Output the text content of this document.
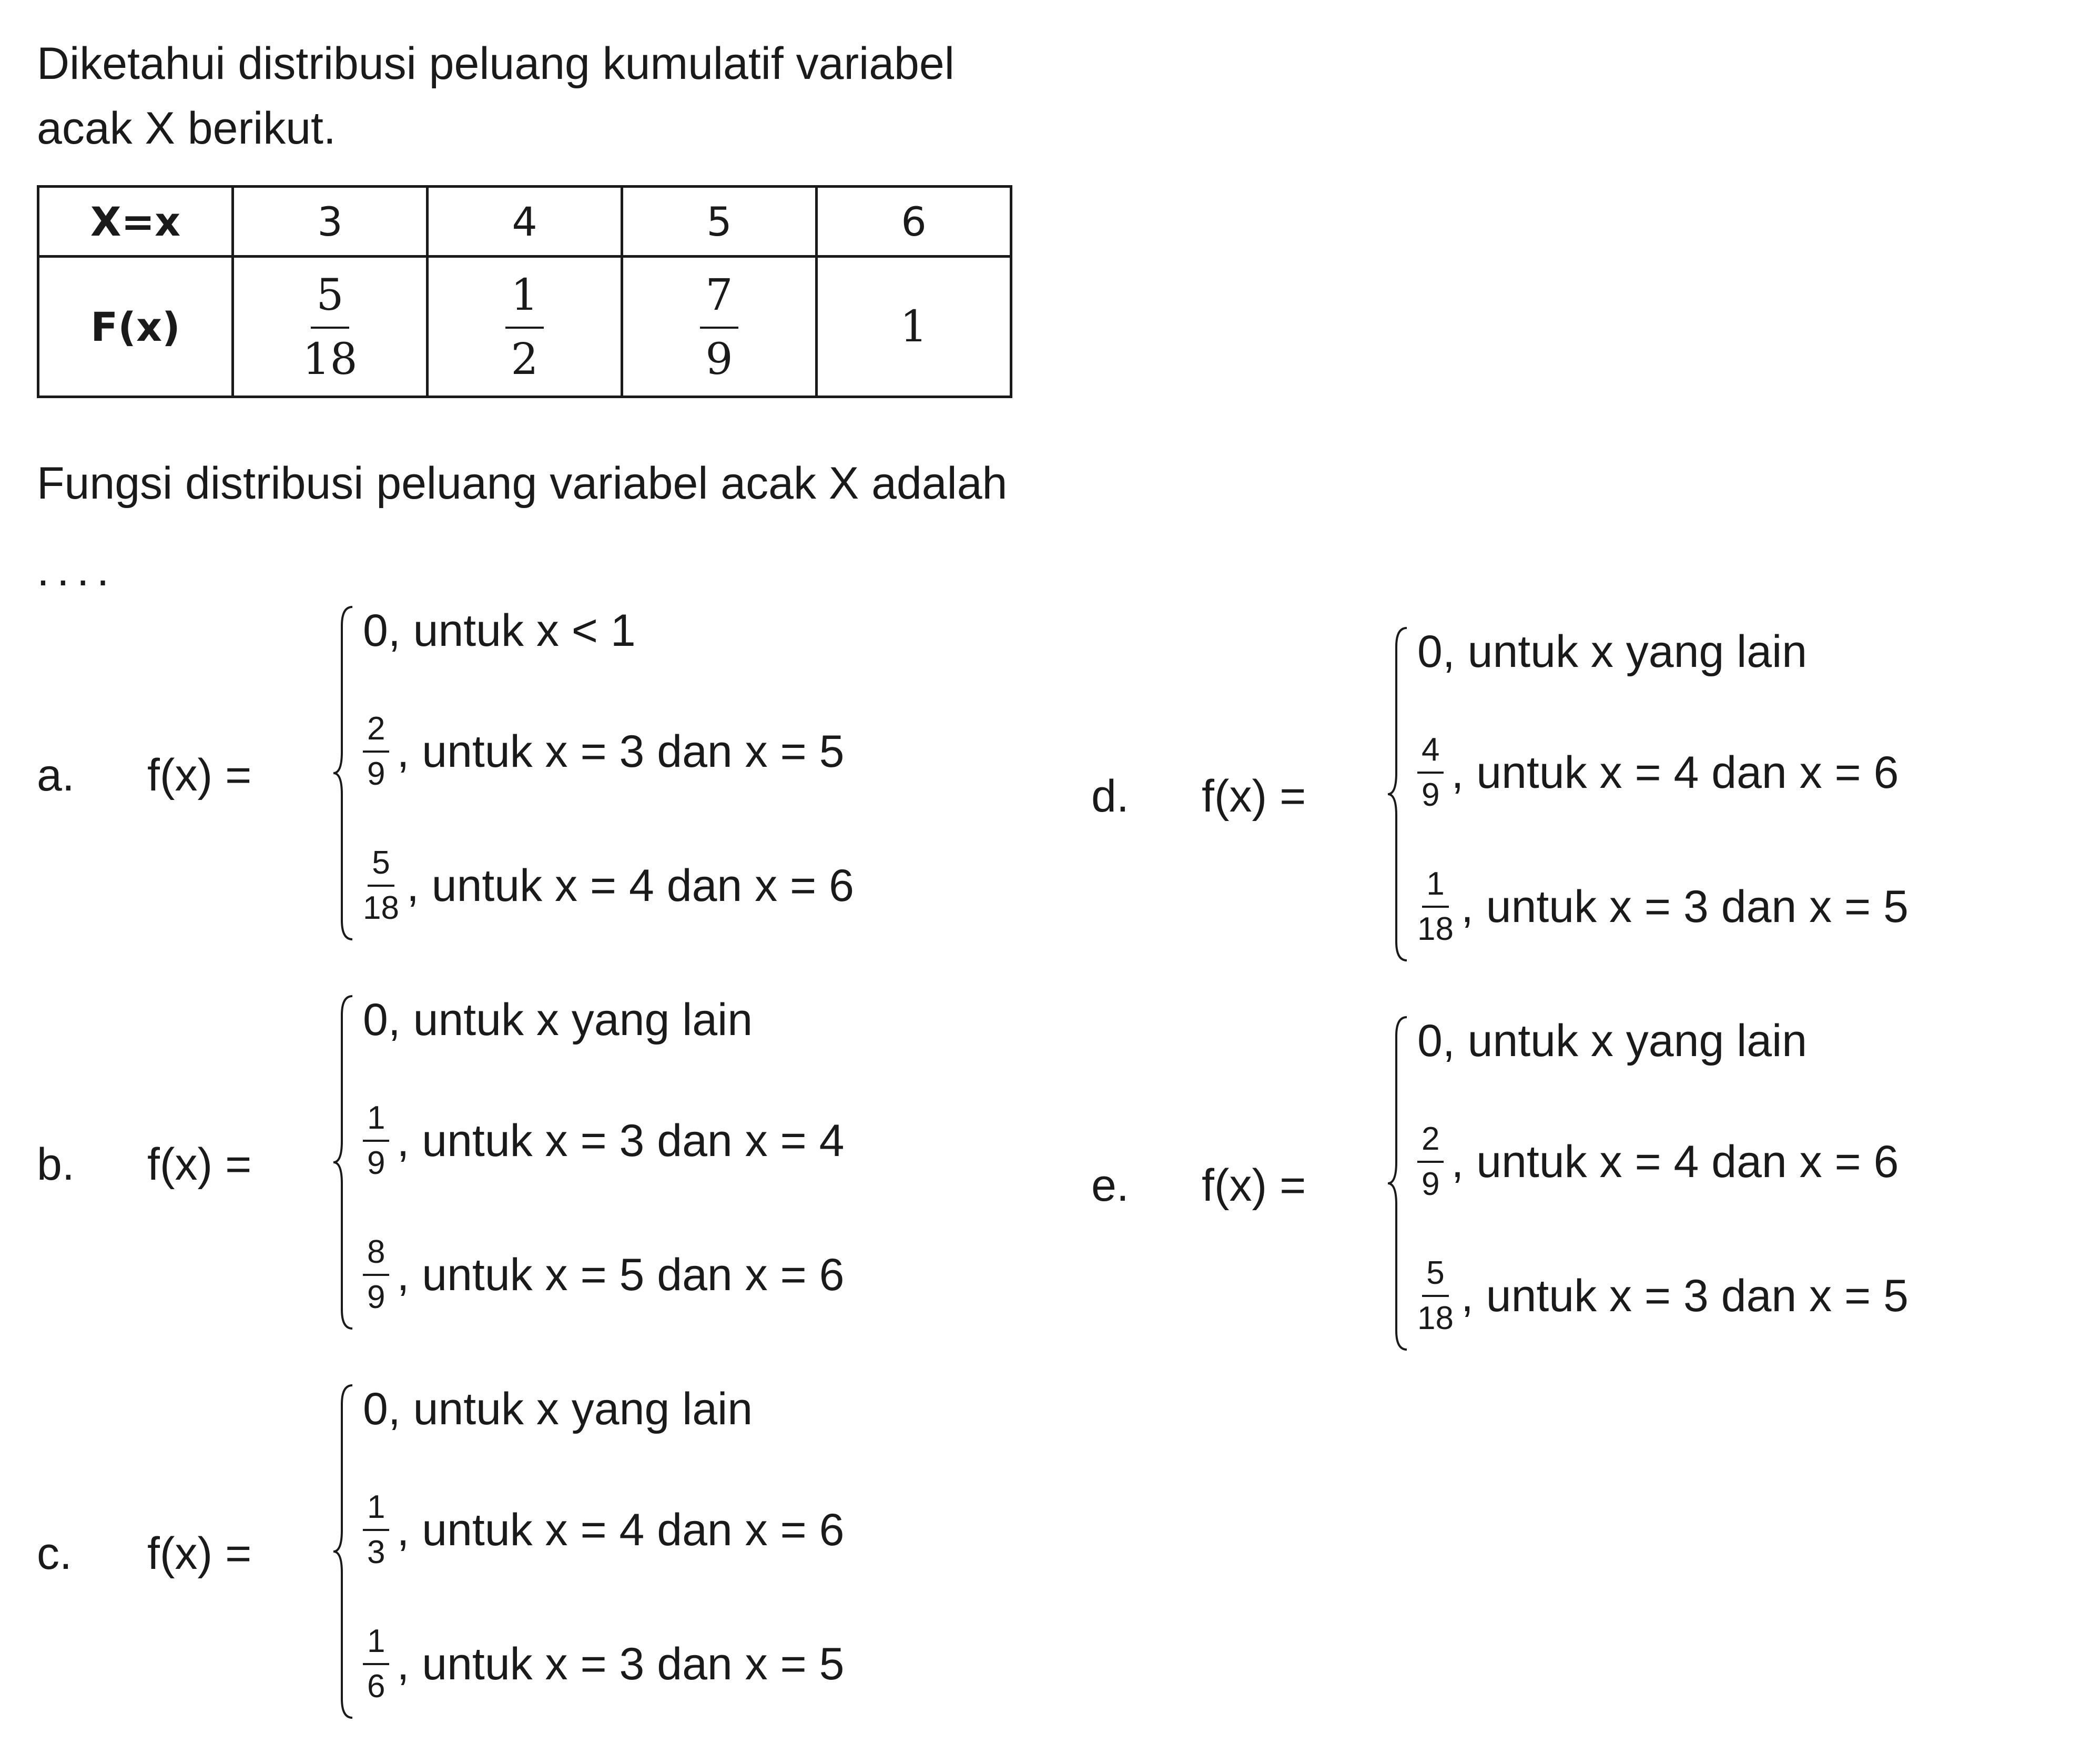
Diketahui distribusi peluang kumulatif variabel
acak X berikut.
X=x	3	4	5	6
F(x)	$\frac{5}{18}$	$\frac{1}{2}$	$\frac{7}{9}$	1
Fungsi distribusi peluang variabel acak X adalah
....
a. f(x) =
0, untuk x < 1
$\frac{2}{9}$ , untuk x = 3 dan x = 5
$\frac{5}{18}$ , untuk x = 4 dan x = 6
b. f(x) =
0, untuk x yang lain
$\frac{1}{9}$ , untuk x = 3 dan x = 4
$\frac{8}{9}$ , untuk x = 5 dan x = 6
c. f(x) =
0, untuk x yang lain
$\frac{1}{3}$ , untuk x = 4 dan x = 6
$\frac{1}{6}$ , untuk x = 3 dan x = 5
d. f(x) =
0, untuk x yang lain
$\frac{4}{9}$ , untuk x = 4 dan x = 6
$\frac{1}{18}$ , untuk x = 3 dan x = 5
e. f(x) =
0, untuk x yang lain
$\frac{2}{9}$ , untuk x = 4 dan x = 6
$\frac{5}{18}$ , untuk x = 3 dan x = 5
